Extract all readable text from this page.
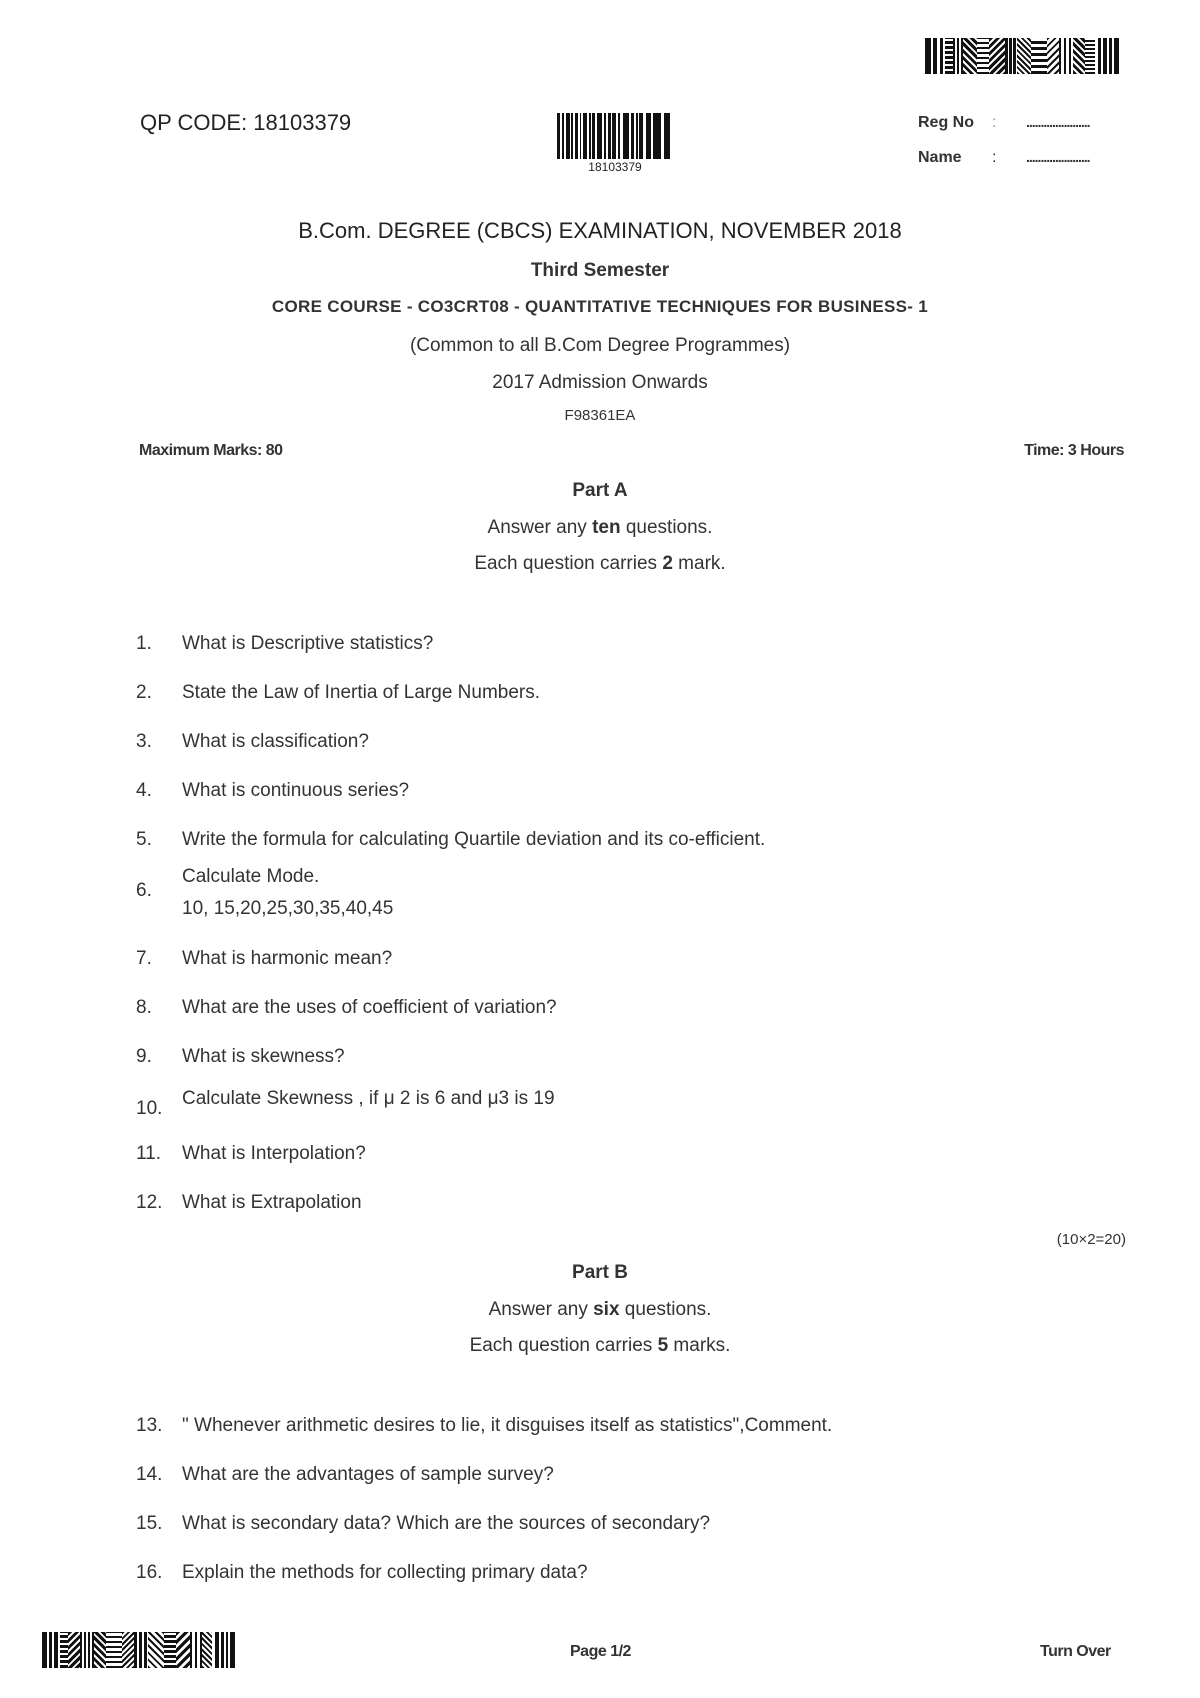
QP CODE: 18103379
18103379
Reg No : ......................
Name : ......................
B.Com. DEGREE (CBCS) EXAMINATION, NOVEMBER 2018
Third Semester
CORE COURSE - CO3CRT08 - QUANTITATIVE TECHNIQUES FOR BUSINESS- 1
(Common to all B.Com Degree Programmes)
2017 Admission Onwards
F98361EA
Maximum Marks: 80	Time: 3 Hours
Part A
Answer any ten questions.
Each question carries 2 mark.
1. What is Descriptive statistics?
2. State the Law of Inertia of Large Numbers.
3. What is classification?
4. What is continuous series?
5. Write the formula for calculating Quartile deviation and its co-efficient.
6.
Calculate Mode.
10, 15,20,25,30,35,40,45
7. What is harmonic mean?
8. What are the uses of coefficient of variation?
9. What is skewness?
10. Calculate Skewness , if μ 2 is 6 and μ3 is 19
11. What is Interpolation?
12. What is Extrapolation
(10×2=20)
Part B
Answer any six questions.
Each question carries 5 marks.
13. " Whenever arithmetic desires to lie, it disguises itself as statistics",Comment.
14. What are the advantages of sample survey?
15. What is secondary data? Which are the sources of secondary?
16. Explain the methods for collecting primary data?
Page 1/2	Turn Over
